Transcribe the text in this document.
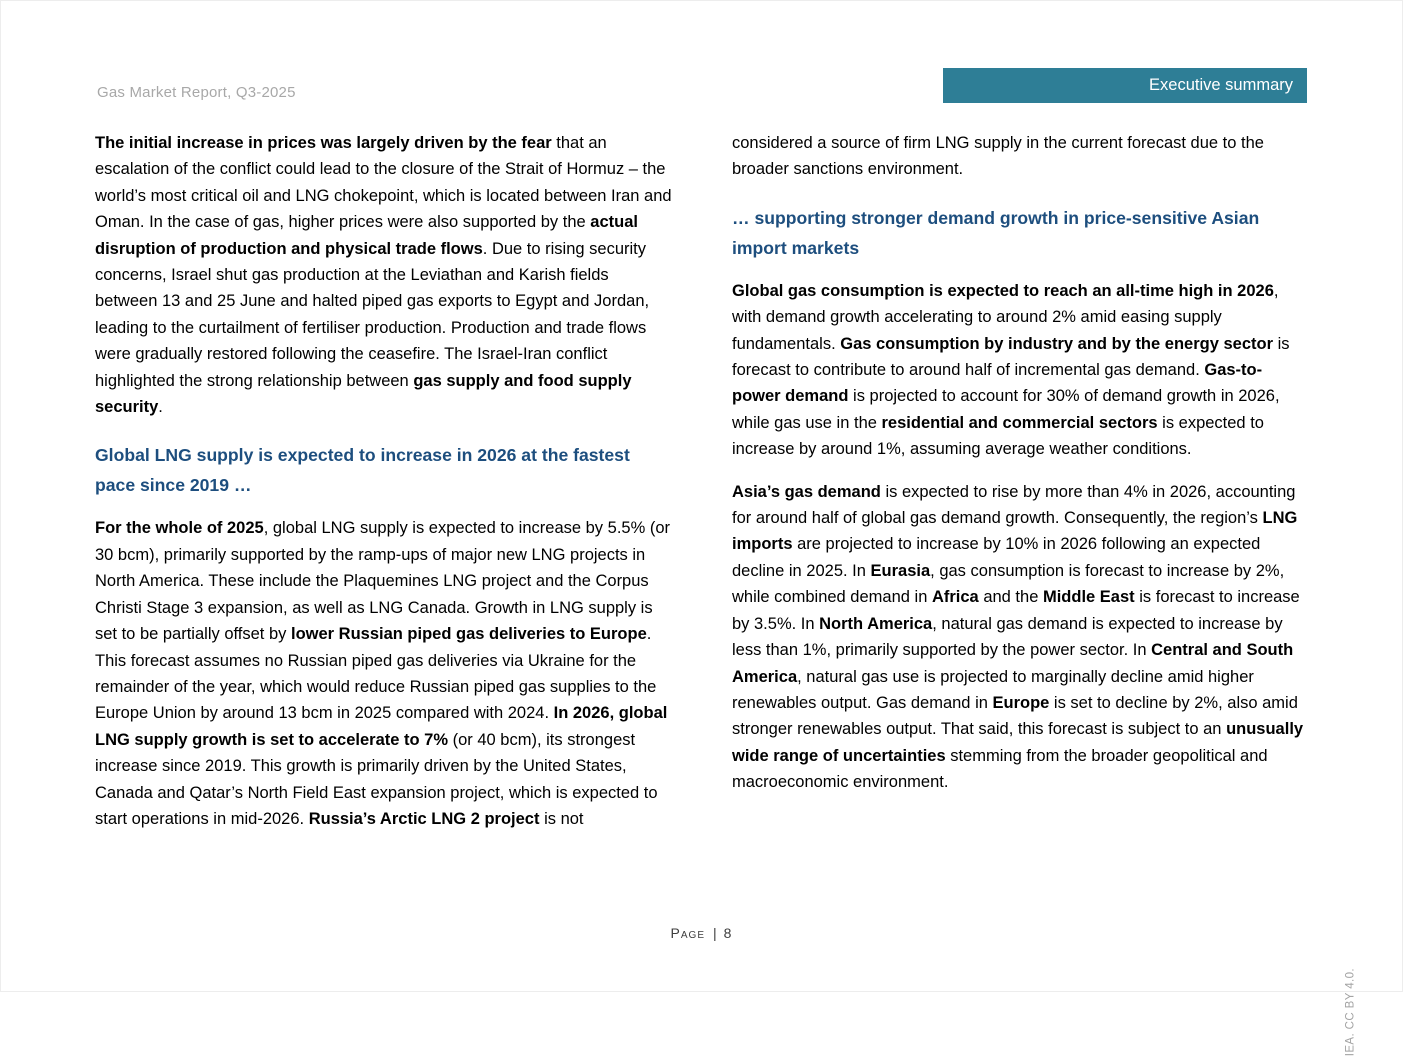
Gas Market Report, Q3-2025	Executive summary

The initial increase in prices was largely driven by the fear that an escalation of the conflict could lead to the closure of the Strait of Hormuz – the world’s most critical oil and LNG chokepoint, which is located between Iran and Oman. In the case of gas, higher prices were also supported by the actual disruption of production and physical trade flows. Due to rising security concerns, Israel shut gas production at the Leviathan and Karish fields between 13 and 25 June and halted piped gas exports to Egypt and Jordan, leading to the curtailment of fertiliser production. Production and trade flows were gradually restored following the ceasefire. The Israel-Iran conflict highlighted the strong relationship between gas supply and food supply security.

Global LNG supply is expected to increase in 2026 at the fastest pace since 2019 …

For the whole of 2025, global LNG supply is expected to increase by 5.5% (or 30 bcm), primarily supported by the ramp-ups of major new LNG projects in North America. These include the Plaquemines LNG project and the Corpus Christi Stage 3 expansion, as well as LNG Canada. Growth in LNG supply is set to be partially offset by lower Russian piped gas deliveries to Europe. This forecast assumes no Russian piped gas deliveries via Ukraine for the remainder of the year, which would reduce Russian piped gas supplies to the Europe Union by around 13 bcm in 2025 compared with 2024. In 2026, global LNG supply growth is set to accelerate to 7% (or 40 bcm), its strongest increase since 2019. This growth is primarily driven by the United States, Canada and Qatar’s North Field East expansion project, which is expected to start operations in mid-2026. Russia’s Arctic LNG 2 project is not

considered a source of firm LNG supply in the current forecast due to the broader sanctions environment.

… supporting stronger demand growth in price-sensitive Asian import markets

Global gas consumption is expected to reach an all-time high in 2026, with demand growth accelerating to around 2% amid easing supply fundamentals. Gas consumption by industry and by the energy sector is forecast to contribute to around half of incremental gas demand. Gas-to-power demand is projected to account for 30% of demand growth in 2026, while gas use in the residential and commercial sectors is expected to increase by around 1%, assuming average weather conditions.

Asia’s gas demand is expected to rise by more than 4% in 2026, accounting for around half of global gas demand growth. Consequently, the region’s LNG imports are projected to increase by 10% in 2026 following an expected decline in 2025. In Eurasia, gas consumption is forecast to increase by 2%, while combined demand in Africa and the Middle East is forecast to increase by 3.5%. In North America, natural gas demand is expected to increase by less than 1%, primarily supported by the power sector. In Central and South America, natural gas use is projected to marginally decline amid higher renewables output. Gas demand in Europe is set to decline by 2%, also amid stronger renewables output. That said, this forecast is subject to an unusually wide range of uncertainties stemming from the broader geopolitical and macroeconomic environment.

Page | 8
IEA. CC BY 4.0.
